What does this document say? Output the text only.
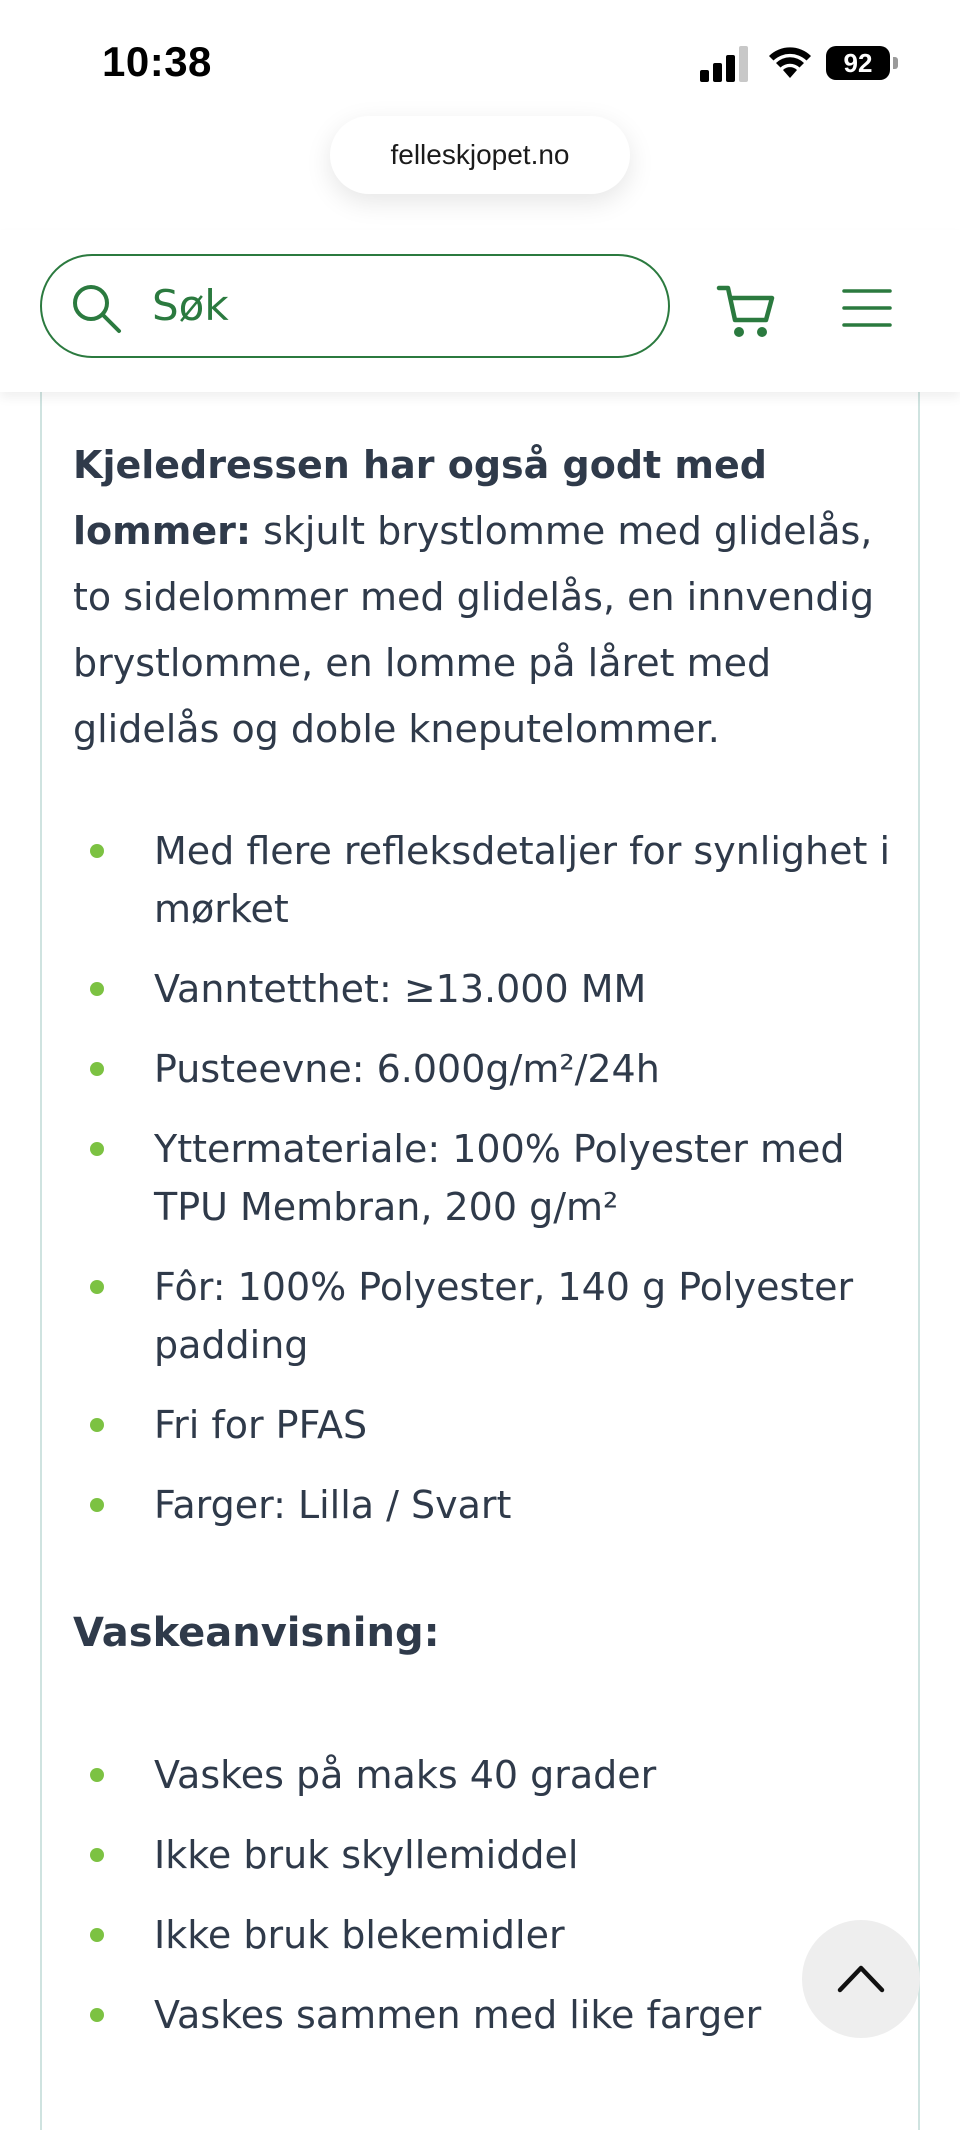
10:38	92
felleskjopet.no
Søk

Kjeledressen har også godt med lommer: skjult brystlomme med glidelås, to sidelommer med glidelås, en innvendig brystlomme, en lomme på låret med glidelås og doble kneputelommer.

Med flere refleksdetaljer for synlighet i mørket
Vanntetthet: ≥13.000 MM
Pusteevne: 6.000g/m²/24h
Yttermateriale: 100% Polyester med TPU Membran, 200 g/m²
Fôr: 100% Polyester, 140 g Polyester padding
Fri for PFAS
Farger: Lilla / Svart
Vaskeanvisning:
Vaskes på maks 40 grader
Ikke bruk skyllemiddel
Ikke bruk blekemidler
Vaskes sammen med like farger
